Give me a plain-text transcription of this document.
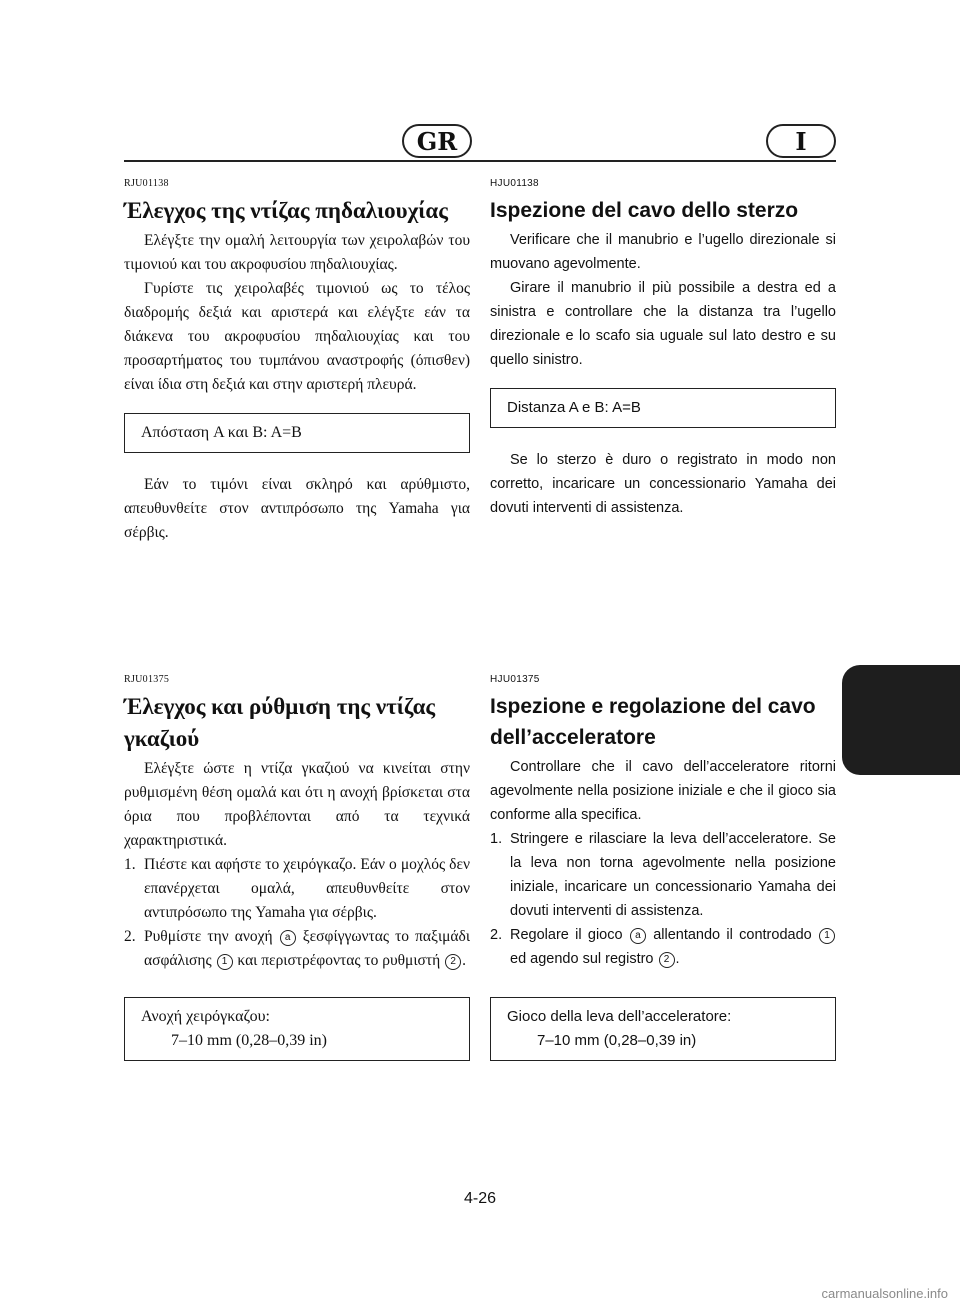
GR	I
RJU01138
Έλεγχος της ντίζας πηδαλιουχίας

Ελέγξτε την ομαλή λειτουργία των χειρολαβών του τιμονιού και του ακροφυσίου πηδαλιουχίας.

Γυρίστε τις χειρολαβές τιμονιού ως το τέλος διαδρομής δεξιά και αριστερά και ελέγξτε εάν τα διάκενα του ακροφυσίου πηδαλιουχίας και του προσαρτήματος του τυμπάνου αναστροφής (όπισθεν) είναι ίδια στη δεξιά και στην αριστερή πλευρά.

Απόσταση A και B: A=B

Εάν το τιμόνι είναι σκληρό και αρύθμιστο, απευθυνθείτε στον αντιπρόσωπο της Yamaha για σέρβις.

HJU01138
Ispezione del cavo dello sterzo

Verificare che il manubrio e l’ugello direzionale si muovano agevolmente.

Girare il manubrio il più possibile a destra ed a sinistra e controllare che la distanza tra l’ugello direzionale e lo scafo sia uguale sul lato destro e su quello sinistro.

Distanza A e B: A=B

Se lo sterzo è duro o registrato in modo non corretto, incaricare un concessionario Yamaha dei dovuti interventi di assistenza.

RJU01375
Έλεγχος και ρύθμιση της ντίζας γκαζιού

Ελέγξτε ώστε η ντίζα γκαζιού να κινείται στην ρυθμισμένη θέση ομαλά και ότι η ανοχή βρίσκεται στα όρια που προβλέπονται από τα τεχνικά χαρακτηριστικά.

1. Πιέστε και αφήστε το χειρόγκαζο. Εάν ο μοχλός δεν επανέρχεται ομαλά, απευθυνθείτε στον αντιπρόσωπο της Yamaha για σέρβις.
2. Ρυθμίστε την ανοχή a ξεσφίγγωντας το παξιμάδι ασφάλισης 1 και περιστρέφοντας το ρυθμιστή 2 .
Ανοχή χειρόγκαζου:
7–10 mm (0,28–0,39 in)
HJU01375
Ispezione e regolazione del cavo dell’acceleratore

Controllare che il cavo dell’acceleratore ritorni agevolmente nella posizione iniziale e che il gioco sia conforme alla specifica.

1. Stringere e rilasciare la leva dell’acceleratore. Se la leva non torna agevolmente nella posizione iniziale, incaricare un concessionario Yamaha dei dovuti interventi di assistenza.
2. Regolare il gioco a allentando il controdado 1 ed agendo sul registro 2 .
Gioco della leva dell’acceleratore:
7–10 mm (0,28–0,39 in)
4-26
carmanualsonline.info
